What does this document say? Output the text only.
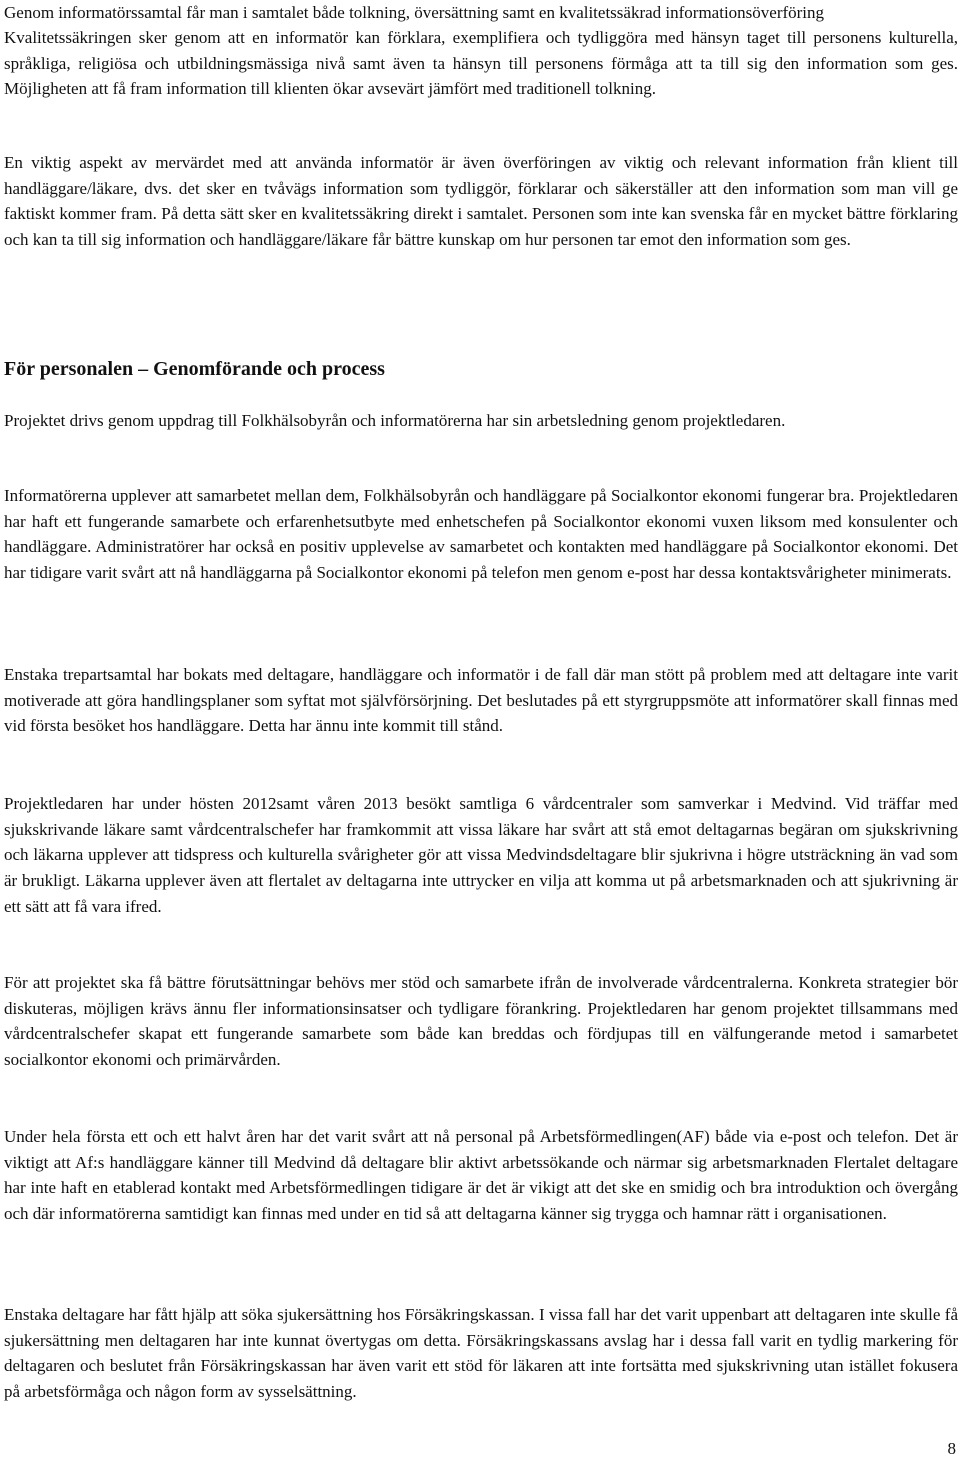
Genom informatörssamtal får man i samtalet både tolkning, översättning samt en kvalitetssäkrad informationsöverföring

Kvalitetssäkringen sker genom att en informatör kan förklara, exemplifiera och tydliggöra med hänsyn taget till personens kulturella, språkliga, religiösa och utbildningsmässiga nivå samt även ta hänsyn till personens förmåga att ta till sig den information som ges. Möjligheten att få fram information till klienten ökar avsevärt jämfört med traditionell tolkning.

En viktig aspekt av mervärdet med att använda informatör är även överföringen av viktig och relevant information från klient till handläggare/läkare, dvs. det sker en tvåvägs information som tydliggör, förklarar och säkerställer att den information som man vill ge faktiskt kommer fram. På detta sätt sker en kvalitetssäkring direkt i samtalet. Personen som inte kan svenska får en mycket bättre förklaring och kan ta till sig information och handläggare/läkare får bättre kunskap om hur personen tar emot den information som ges.

För personalen – Genomförande och process

Projektet drivs genom uppdrag till Folkhälsobyrån och informatörerna har sin arbetsledning genom projektledaren.

Informatörerna upplever att samarbetet mellan dem, Folkhälsobyrån och handläggare på Socialkontor ekonomi fungerar bra. Projektledaren har haft ett fungerande samarbete och erfarenhetsutbyte med enhetschefen på Socialkontor ekonomi vuxen liksom med konsulenter och handläggare. Administratörer har också en positiv upplevelse av samarbetet och kontakten med handläggare på Socialkontor ekonomi. Det har tidigare varit svårt att nå handläggarna på Socialkontor ekonomi på telefon men genom e-post har dessa kontaktsvårigheter minimerats.

Enstaka trepartsamtal har bokats med deltagare, handläggare och informatör i de fall där man stött på problem med att deltagare inte varit motiverade att göra handlingsplaner som syftat mot självförsörjning. Det beslutades på ett styrgruppsmöte att informatörer skall finnas med vid första besöket hos handläggare. Detta har ännu inte kommit till stånd.

Projektledaren har under hösten 2012samt våren 2013 besökt samtliga 6 vårdcentraler som samverkar i Medvind. Vid träffar med sjukskrivande läkare samt vårdcentralschefer har framkommit att vissa läkare har svårt att stå emot deltagarnas begäran om sjukskrivning och läkarna upplever att tidspress och kulturella svårigheter gör att vissa Medvindsdeltagare blir sjukrivna i högre utsträckning än vad som är brukligt. Läkarna upplever även att flertalet av deltagarna inte uttrycker en vilja att komma ut på arbetsmarknaden och att sjukrivning är ett sätt att få vara ifred.

För att projektet ska få bättre förutsättningar behövs mer stöd och samarbete ifrån de involverade vårdcentralerna. Konkreta strategier bör diskuteras, möjligen krävs ännu fler informationsinsatser och tydligare förankring. Projektledaren har genom projektet tillsammans med vårdcentralschefer skapat ett fungerande samarbete som både kan breddas och fördjupas till en välfungerande metod i samarbetet socialkontor ekonomi och primärvården.

Under hela första ett och ett halvt åren har det varit svårt att nå personal på Arbetsförmedlingen(AF) både via e-post och telefon. Det är viktigt att Af:s handläggare känner till Medvind då deltagare blir aktivt arbetssökande och närmar sig arbetsmarknaden Flertalet deltagare har inte haft en etablerad kontakt med Arbetsförmedlingen tidigare är det är vikigt att det ske en smidig och bra introduktion och övergång och där informatörerna samtidigt kan finnas med under en tid så att deltagarna känner sig trygga och hamnar rätt i organisationen.

Enstaka deltagare har fått hjälp att söka sjukersättning hos Försäkringskassan. I vissa fall har det varit uppenbart att deltagaren inte skulle få sjukersättning men deltagaren har inte kunnat övertygas om detta. Försäkringskassans avslag har i dessa fall varit en tydlig markering för deltagaren och beslutet från Försäkringskassan har även varit ett stöd för läkaren att inte fortsätta med sjukskrivning utan istället fokusera på arbetsförmåga och någon form av sysselsättning.

8
